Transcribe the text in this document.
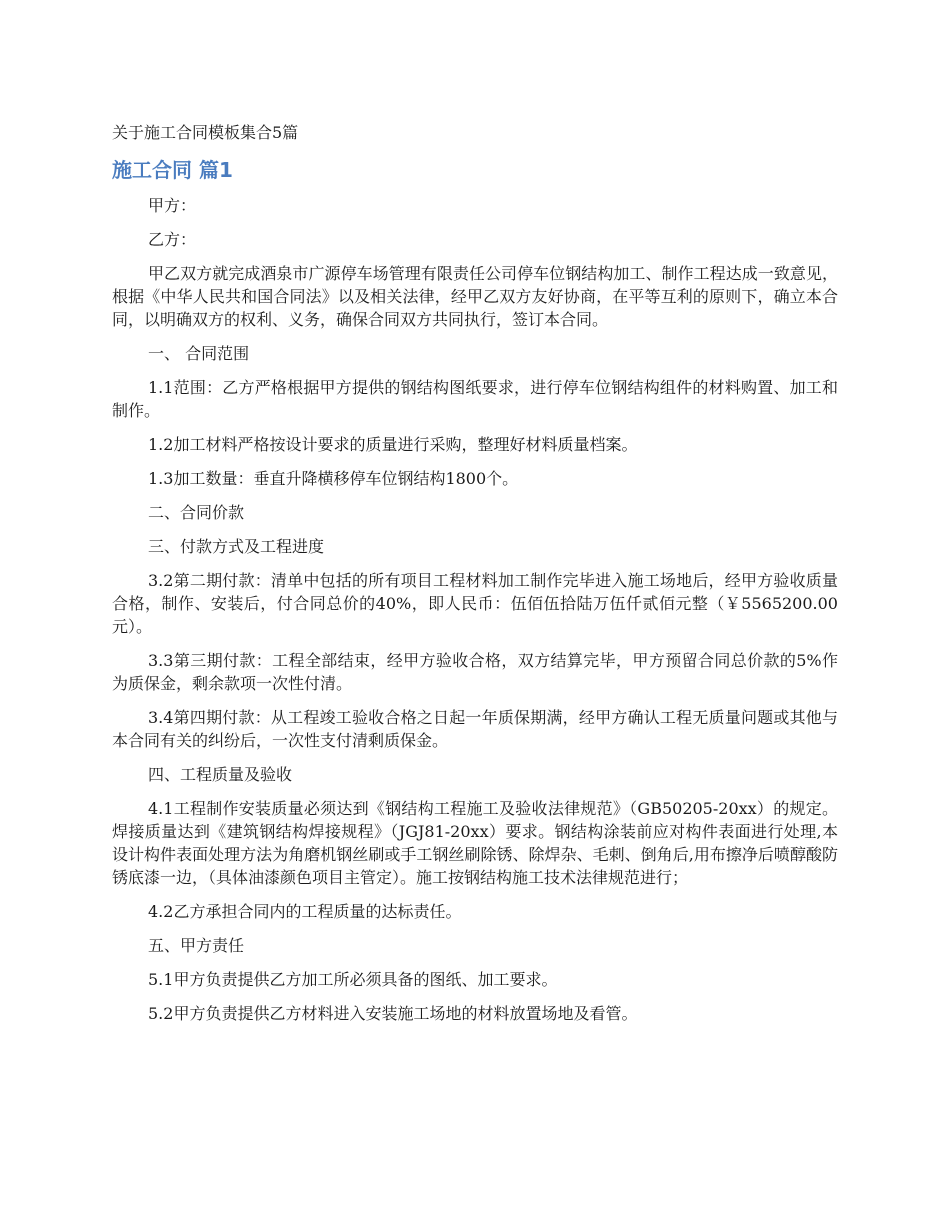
关于施工合同模板集合5篇
施工合同 篇1

甲方：

乙方：

甲乙双方就完成酒泉市广源停车场管理有限责任公司停车位钢结构加工、制作工程达成一致意见，根据《中华人民共和国合同法》以及相关法律，经甲乙双方友好协商，在平等互利的原则下，确立本合同，以明确双方的权利、义务，确保合同双方共同执行，签订本合同。

一、 合同范围

1.1范围：乙方严格根据甲方提供的钢结构图纸要求，进行停车位钢结构组件的材料购置、加工和制作。

1.2加工材料严格按设计要求的质量进行采购，整理好材料质量档案。

1.3加工数量：垂直升降横移停车位钢结构1800个。

二、合同价款

三、付款方式及工程进度

3.2第二期付款：清单中包括的所有项目工程材料加工制作完毕进入施工场地后，经甲方验收质量合格，制作、安装后，付合同总价的40%，即人民币：伍佰伍拾陆万伍仟贰佰元整（￥5565200.00元）。

3.3第三期付款：工程全部结束，经甲方验收合格，双方结算完毕，甲方预留合同总价款的5%作为质保金，剩余款项一次性付清。

3.4第四期付款：从工程竣工验收合格之日起一年质保期满，经甲方确认工程无质量问题或其他与本合同有关的纠纷后，一次性支付清剩质保金。

四、工程质量及验收

4.1工程制作安装质量必须达到《钢结构工程施工及验收法律规范》（GB50205-20xx）的规定。焊接质量达到《建筑钢结构焊接规程》（JGJ81-20xx）要求。钢结构涂装前应对构件表面进行处理,本设计构件表面处理方法为角磨机钢丝刷或手工钢丝刷除锈、除焊杂、毛刺、倒角后,用布擦净后喷醇酸防锈底漆一边，（具体油漆颜色项目主管定）。施工按钢结构施工技术法律规范进行；

4.2乙方承担合同内的工程质量的达标责任。

五、甲方责任

5.1甲方负责提供乙方加工所必须具备的图纸、加工要求。

5.2甲方负责提供乙方材料进入安装施工场地的材料放置场地及看管。
